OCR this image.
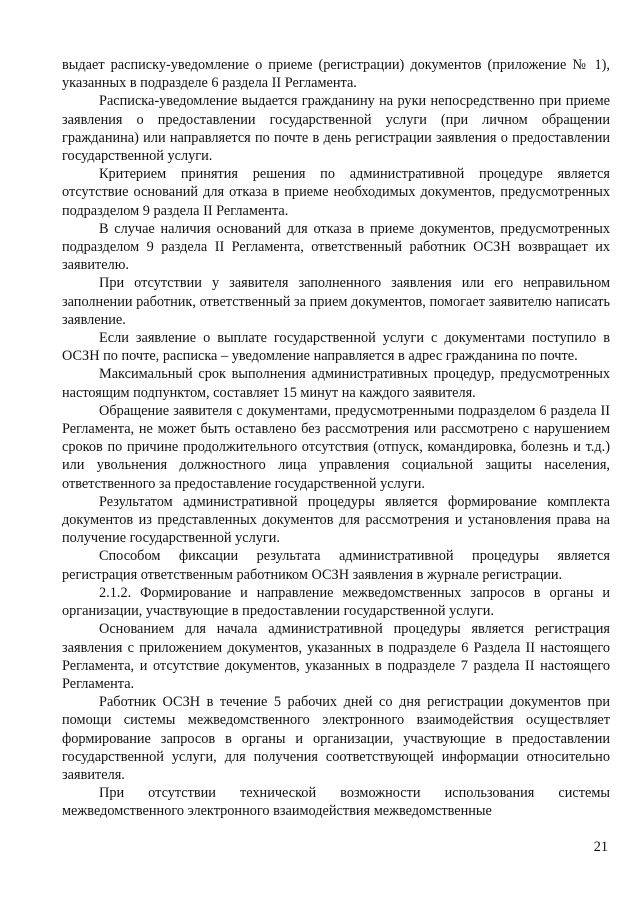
выдает расписку-уведомление о приеме (регистрации) документов (приложение № 1), указанных в подразделе 6 раздела II Регламента.

Расписка-уведомление выдается гражданину на руки непосредственно при приеме заявления о предоставлении государственной услуги (при личном обращении гражданина) или направляется по почте в день регистрации заявления о предоставлении государственной услуги.

Критерием принятия решения по административной процедуре является отсутствие оснований для отказа в приеме необходимых документов, предусмотренных подразделом 9 раздела II Регламента.

В случае наличия оснований для отказа в приеме документов, предусмотренных подразделом 9 раздела II Регламента, ответственный работник ОСЗН возвращает их заявителю.

При отсутствии у заявителя заполненного заявления или его неправильном заполнении работник, ответственный за прием документов, помогает заявителю написать заявление.

Если заявление о выплате государственной услуги с документами поступило в ОСЗН по почте, расписка – уведомление направляется в адрес гражданина по почте.

Максимальный срок выполнения административных процедур, предусмотренных настоящим подпунктом, составляет 15 минут на каждого заявителя.

Обращение заявителя с документами, предусмотренными подразделом 6 раздела II Регламента, не может быть оставлено без рассмотрения или рассмотрено с нарушением сроков по причине продолжительного отсутствия (отпуск, командировка, болезнь и т.д.) или увольнения должностного лица управления социальной защиты населения, ответственного за предоставление государственной услуги.

Результатом административной процедуры является формирование комплекта документов из представленных документов для рассмотрения и установления права на получение государственной услуги.

Способом фиксации результата административной процедуры является регистрация ответственным работником ОСЗН заявления в журнале регистрации.

2.1.2. Формирование и направление межведомственных запросов в органы и организации, участвующие в предоставлении государственной услуги.

Основанием для начала административной процедуры является регистрация заявления с приложением документов, указанных в подразделе 6 Раздела II настоящего Регламента, и отсутствие документов, указанных в подразделе 7 раздела II настоящего Регламента.

Работник ОСЗН в течение 5 рабочих дней со дня регистрации документов при помощи системы межведомственного электронного взаимодействия осуществляет формирование запросов в органы и организации, участвующие в предоставлении государственной услуги, для получения соответствующей информации относительно заявителя.

При отсутствии технической возможности использования системы межведомственного электронного взаимодействия межведомственные

21
